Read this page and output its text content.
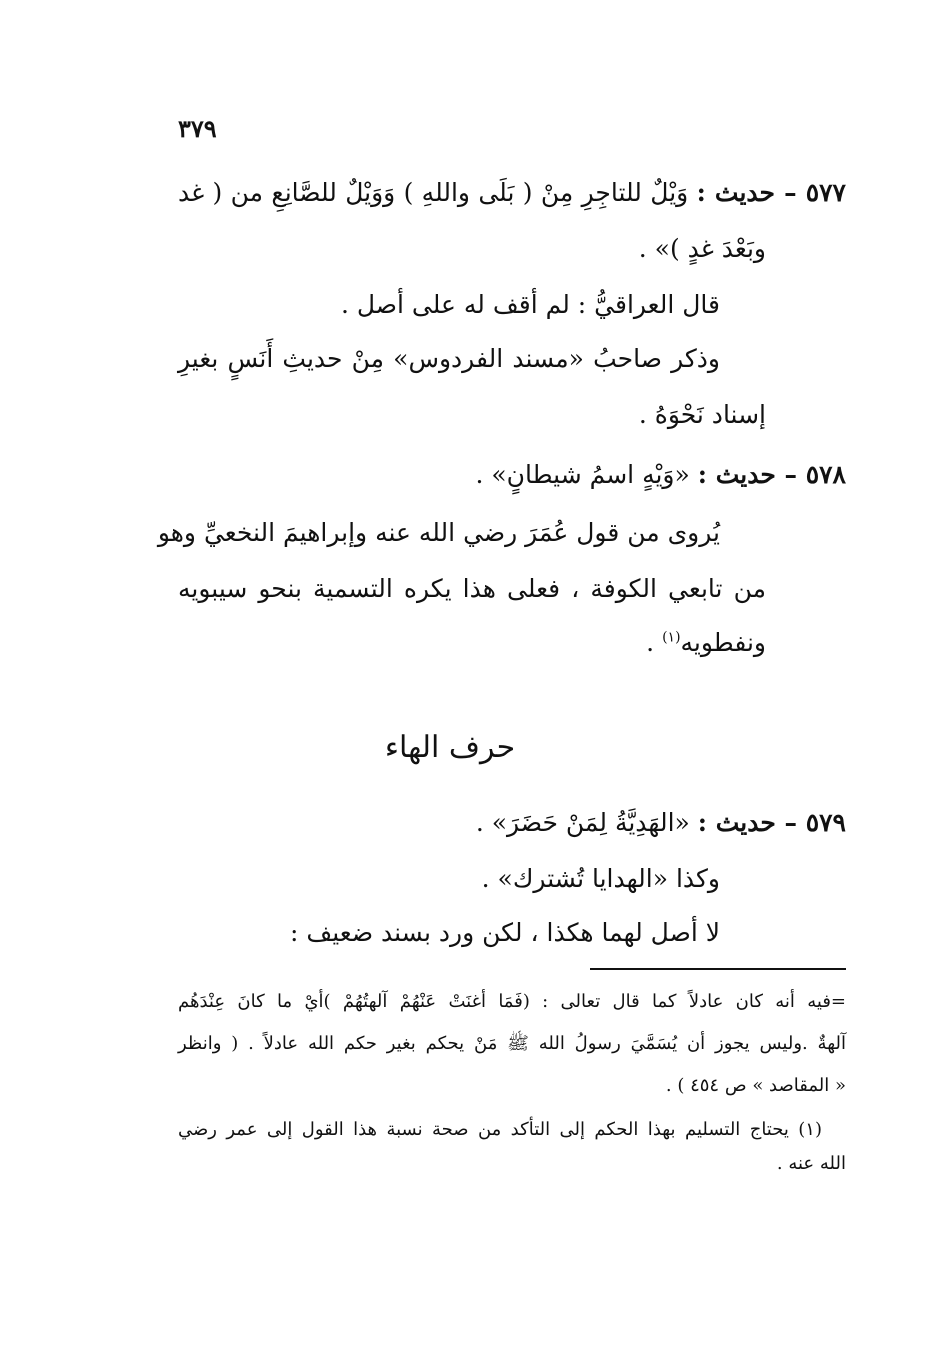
٣٧٩
٥٧٧ – حديث : وَيْلٌ للتاجِرِ مِنْ ( بَلَى واللهِ ) وَوَيْلٌ للصَّانِعِ من ( غد
وبَعْدَ غدٍ )» .
قال العراقيُّ : لم أقف له على أصل .
وذكر صاحبُ «مسند الفردوس» مِنْ حديثِ أَنَسٍ بغيرِ
إسناد نَحْوَهُ .
٥٧٨ – حديث : «وَيْهٍ اسمُ شيطانٍ» .
يُروى من قول عُمَرَ رضي الله عنه وإبراهيمَ النخعيِّ وهو
من تابعي الكوفة ، فعلى هذا يكره التسمية بنحو سيبويه
ونفطويه$^{(١)}$ .
حرف الهاء
٥٧٩ – حديث : «الهَدِيَّةُ لِمَنْ حَضَرَ» .
وكذا «الهدايا تُشترك» .
لا أصل لهما هكذا ، لكن ورد بسند ضعيف :
=فيه أنه كان عادلاً كما قال تعالى : (فَمَا أغنَتْ عَنْهُمْ آلهتُهُمْ )أيْ ما كانَ عِنْدَهُم
آلهةٌ .وليس يجوز أن يُسَمَّيَ رسولُ الله ﷺ مَنْ يحكم بغير حكم الله عادلاً . ( وانظر
« المقاصد » ص ٤٥٤ ) .
(١) يحتاج التسليم بهذا الحكم إلى التأكد من صحة نسبة هذا القول إلى عمر رضي
الله عنه .
